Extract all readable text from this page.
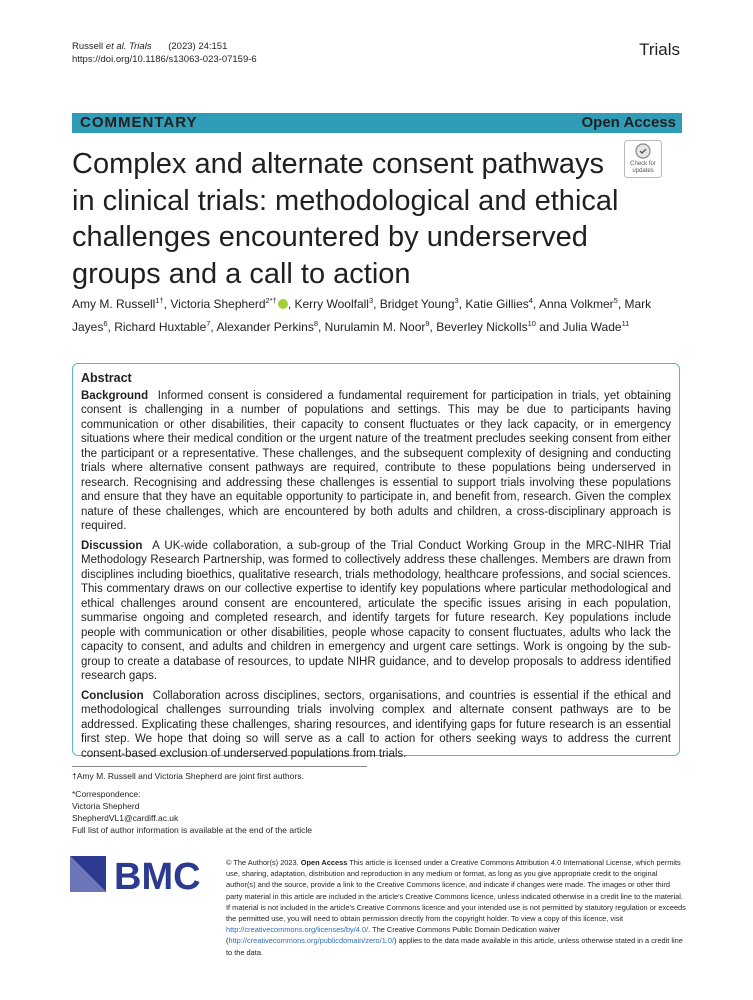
Russell et al. Trials (2023) 24:151
https://doi.org/10.1186/s13063-023-07159-6
Trials
COMMENTARY	Open Access
Complex and alternate consent pathways in clinical trials: methodological and ethical challenges encountered by underserved groups and a call to action
Check for
updates
Amy M. Russell$^{1\dagger}$, Victoria Shepherd$^{2*\dagger}$ , Kerry Woolfall$^3$, Bridget Young$^3$, Katie Gillies$^4$, Anna Volkmer$^5$, Mark Jayes$^6$, Richard Huxtable$^7$, Alexander Perkins$^8$, Nurulamin M. Noor$^9$, Beverley Nickolls$^{10}$ and Julia Wade$^{11}$
Abstract

Background Informed consent is considered a fundamental requirement for participation in trials, yet obtaining consent is challenging in a number of populations and settings. This may be due to participants having communication or other disabilities, their capacity to consent fluctuates or they lack capacity, or in emergency situations where their medical condition or the urgent nature of the treatment precludes seeking consent from either the participant or a representative. These challenges, and the subsequent complexity of designing and conducting trials where alternative consent pathways are required, contribute to these populations being underserved in research. Recognising and addressing these challenges is essential to support trials involving these populations and ensure that they have an equitable opportunity to participate in, and benefit from, research. Given the complex nature of these challenges, which are encountered by both adults and children, a cross-disciplinary approach is required.

Discussion A UK-wide collaboration, a sub-group of the Trial Conduct Working Group in the MRC-NIHR Trial Methodology Research Partnership, was formed to collectively address these challenges. Members are drawn from disciplines including bioethics, qualitative research, trials methodology, healthcare professions, and social sciences. This commentary draws on our collective expertise to identify key populations where particular methodological and ethical challenges around consent are encountered, articulate the specific issues arising in each population, summarise ongoing and completed research, and identify targets for future research. Key populations include people with communication or other disabilities, people whose capacity to consent fluctuates, adults who lack the capacity to consent, and adults and children in emergency and urgent care settings. Work is ongoing by the sub-group to create a database of resources, to update NIHR guidance, and to develop proposals to address identified research gaps.

Conclusion Collaboration across disciplines, sectors, organisations, and countries is essential if the ethical and methodological challenges surrounding trials involving complex and alternate consent pathways are to be addressed. Explicating these challenges, sharing resources, and identifying gaps for future research is an essential first step. We hope that doing so will serve as a call to action for others seeking ways to address the current consent-based exclusion of underserved populations from trials.

†Amy M. Russell and Victoria Shepherd are joint first authors.
*Correspondence:
Victoria Shepherd
ShepherdVL1@cardiff.ac.uk
Full list of author information is available at the end of the article
BMC	© The Author(s) 2023. Open Access This article is licensed under a Creative Commons Attribution 4.0 International License, which permits use, sharing, adaptation, distribution and reproduction in any medium or format, as long as you give appropriate credit to the original author(s) and the source, provide a link to the Creative Commons licence, and indicate if changes were made. The images or other third party material in this article are included in the article's Creative Commons licence, unless indicated otherwise in a credit line to the material. If material is not included in the article's Creative Commons licence and your intended use is not permitted by statutory regulation or exceeds the permitted use, you will need to obtain permission directly from the copyright holder. To view a copy of this licence, visit http://creativecommons.org/licenses/by/4.0/. The Creative Commons Public Domain Dedication waiver (http://creativecommons.org/publicdomain/zero/1.0/) applies to the data made available in this article, unless otherwise stated in a credit line to the data.
